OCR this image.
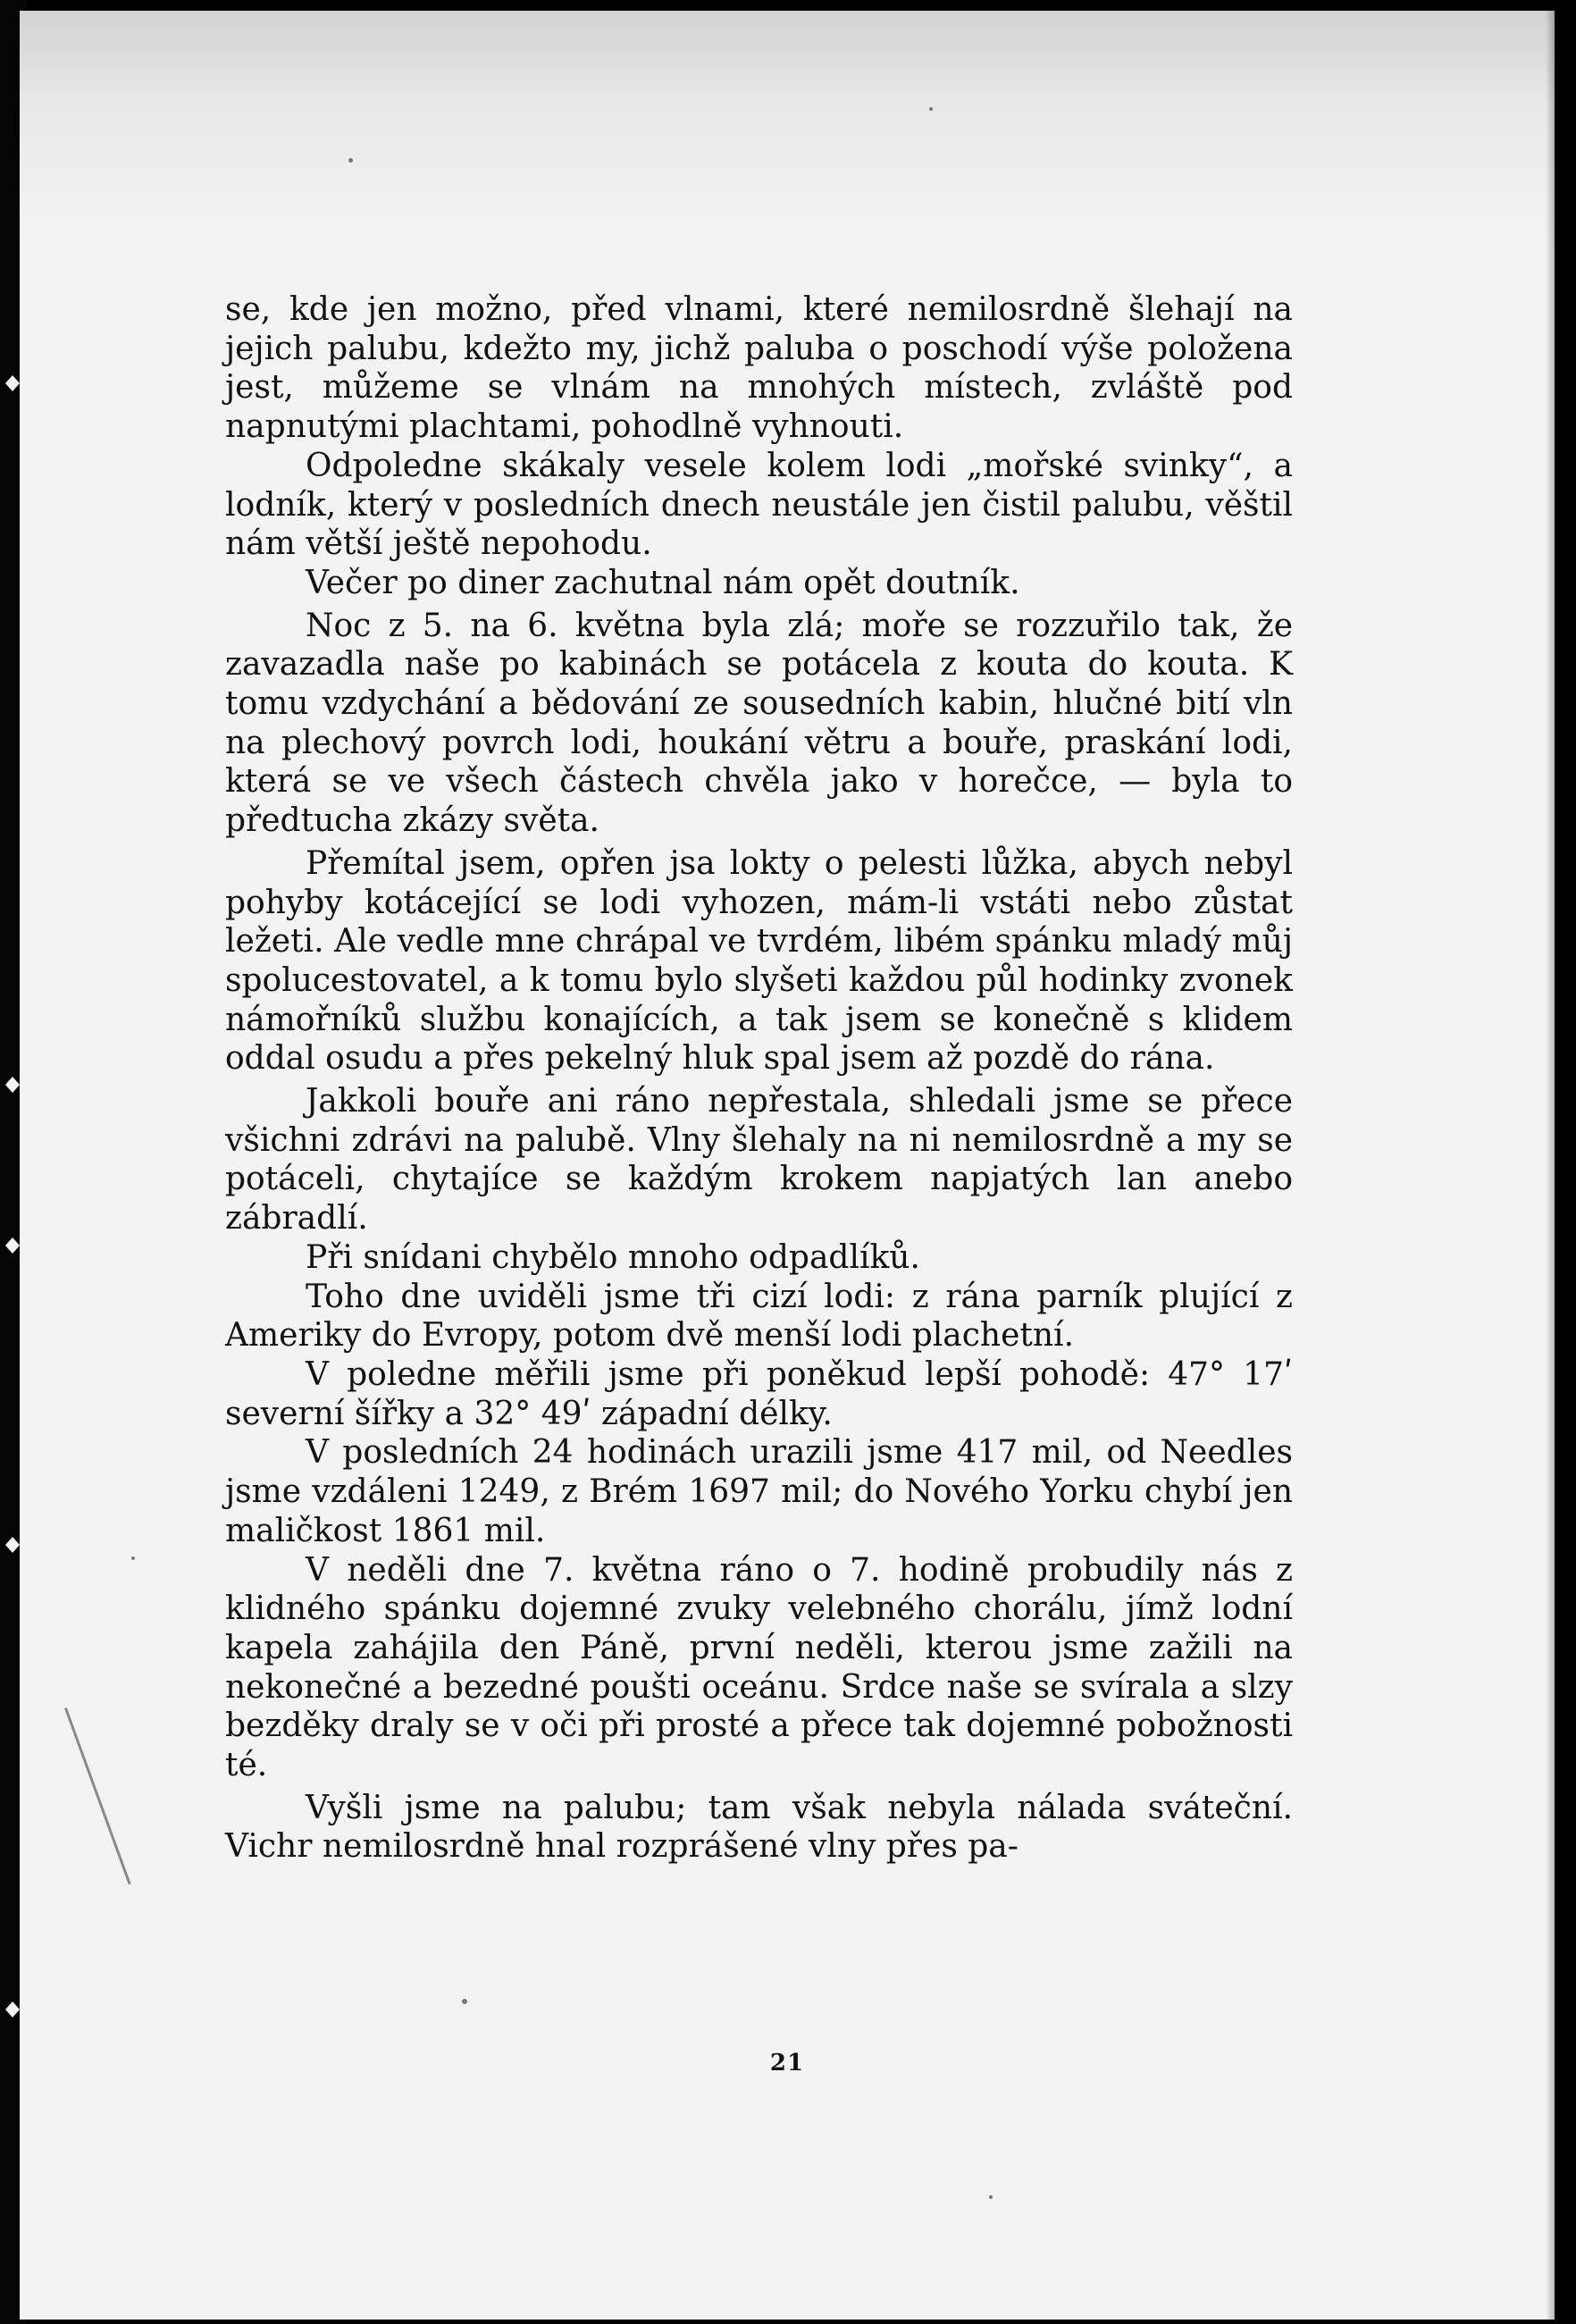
se, kde jen možno, před vlnami, které nemilosrdně šlehají na jejich palubu, kdežto my, jichž paluba o poschodí výše položena jest, můžeme se vlnám na mnohých místech, zvláště pod napnutými plachtami, pohodlně vyhnouti.

Odpoledne skákaly vesele kolem lodi „mořské svinky“, a lodník, který v posledních dnech neustále jen čistil palubu, věštil nám větší ještě nepohodu.

Večer po diner zachutnal nám opět doutník.

Noc z 5. na 6. května byla zlá; moře se rozzuřilo tak, že zavazadla naše po kabinách se potácela z kouta do kouta. K tomu vzdychání a bědování ze sousedních kabin, hlučné bití vln na plechový povrch lodi, houkání větru a bouře, praskání lodi, která se ve všech částech chvěla jako v horečce, — byla to předtucha zkázy světa.

Přemítal jsem, opřen jsa lokty o pelesti lůžka, abych nebyl pohyby kotácející se lodi vyhozen, mám-li vstáti nebo zůstat ležeti. Ale vedle mne chrápal ve tvrdém, libém spánku mladý můj spolucestovatel, a k tomu bylo slyšeti každou půl hodinky zvonek námořníků službu konajících, a tak jsem se konečně s klidem oddal osudu a přes pekelný hluk spal jsem až pozdě do rána.

Jakkoli bouře ani ráno nepřestala, shledali jsme se přece všichni zdrávi na palubě. Vlny šlehaly na ni nemilosrdně a my se potáceli, chytajíce se každým krokem napjatých lan anebo zábradlí.

Při snídani chybělo mnoho odpadlíků.

Toho dne uviděli jsme tři cizí lodi: z rána parník plující z Ameriky do Evropy, potom dvě menší lodi plachetní.

V poledne měřili jsme při poněkud lepší pohodě: 47° 17ʹ severní šířky a 32° 49ʹ západní délky.

V posledních 24 hodinách urazili jsme 417 mil, od Needles jsme vzdáleni 1249, z Brém 1697 mil; do Nového Yorku chybí jen maličkost 1861 mil.

V neděli dne 7. května ráno o 7. hodině probudily nás z klidného spánku dojemné zvuky velebného chorálu, jímž lodní kapela zahájila den Páně, první neděli, kterou jsme zažili na nekonečné a bezedné poušti oceánu. Srdce naše se svírala a slzy bezděky draly se v oči při prosté a přece tak dojemné pobožnosti té.

Vyšli jsme na palubu; tam však nebyla nálada sváteční. Vichr nemilosrdně hnal rozprášené vlny přes pa-

21
